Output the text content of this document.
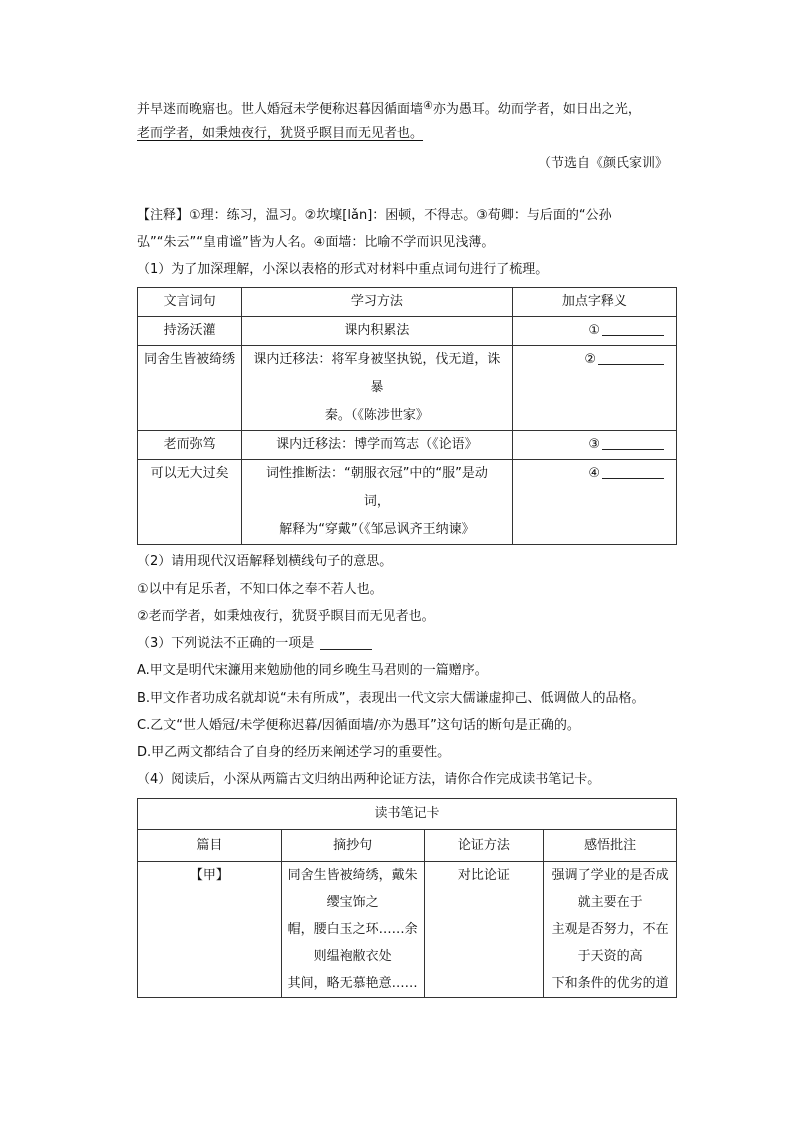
并早迷而晚寤也。世人婚冠未学便称迟暮因循面墙④亦为愚耳。幼而学者，如日出之光，
老而学者，如秉烛夜行，犹贤乎瞑目而无见者也。
（节选自《颜氏家训》
【注释】①理：练习，温习。②坎壈[lǎn]：困顿，不得志。③荀卿：与后面的“公孙
弘”“朱云”“皇甫谧”皆为人名。④面墙：比喻不学而识见浅薄。
（1）为了加深理解，小深以表格的形式对材料中重点词句进行了梳理。
文言词句	学习方法	加点字释义
持汤沃灌	课内积累法	①
同舍生皆被绮绣	课内迁移法：将军身被坚执锐，伐无道，诛
暴
秦。（《陈涉世家》	②
老而弥笃	课内迁移法：博学而笃志（《论语》	③
可以无大过矣	词性推断法：“朝服衣冠”中的“服”是动
词，
解释为“穿戴”（《邹忌讽齐王纳谏》	④
（2）请用现代汉语解释划横线句子的意思。
①以中有足乐者，不知口体之奉不若人也。
②老而学者，如秉烛夜行，犹贤乎瞑目而无见者也。
（3）下列说法不正确的一项是
A.甲文是明代宋濂用来勉励他的同乡晚生马君则的一篇赠序。
B.甲文作者功成名就却说“未有所成”，表现出一代文宗大儒谦虚抑己、低调做人的品格。
C.乙文“世人婚冠/未学便称迟暮/因循面墙/亦为愚耳”这句话的断句是正确的。
D.甲乙两文都结合了自身的经历来阐述学习的重要性。
（4）阅读后，小深从两篇古文归纳出两种论证方法，请你合作完成读书笔记卡。
读书笔记卡			
篇目	摘抄句	论证方法	感悟批注
【甲】	同舍生皆被绮绣，戴朱
缨宝饰之
帽，腰白玉之环……余
则缊袍敝衣处
其间，略无慕艳意……	对比论证	强调了学业的是否成
就主要在于
主观是否努力，不在
于天资的高
下和条件的优劣的道
